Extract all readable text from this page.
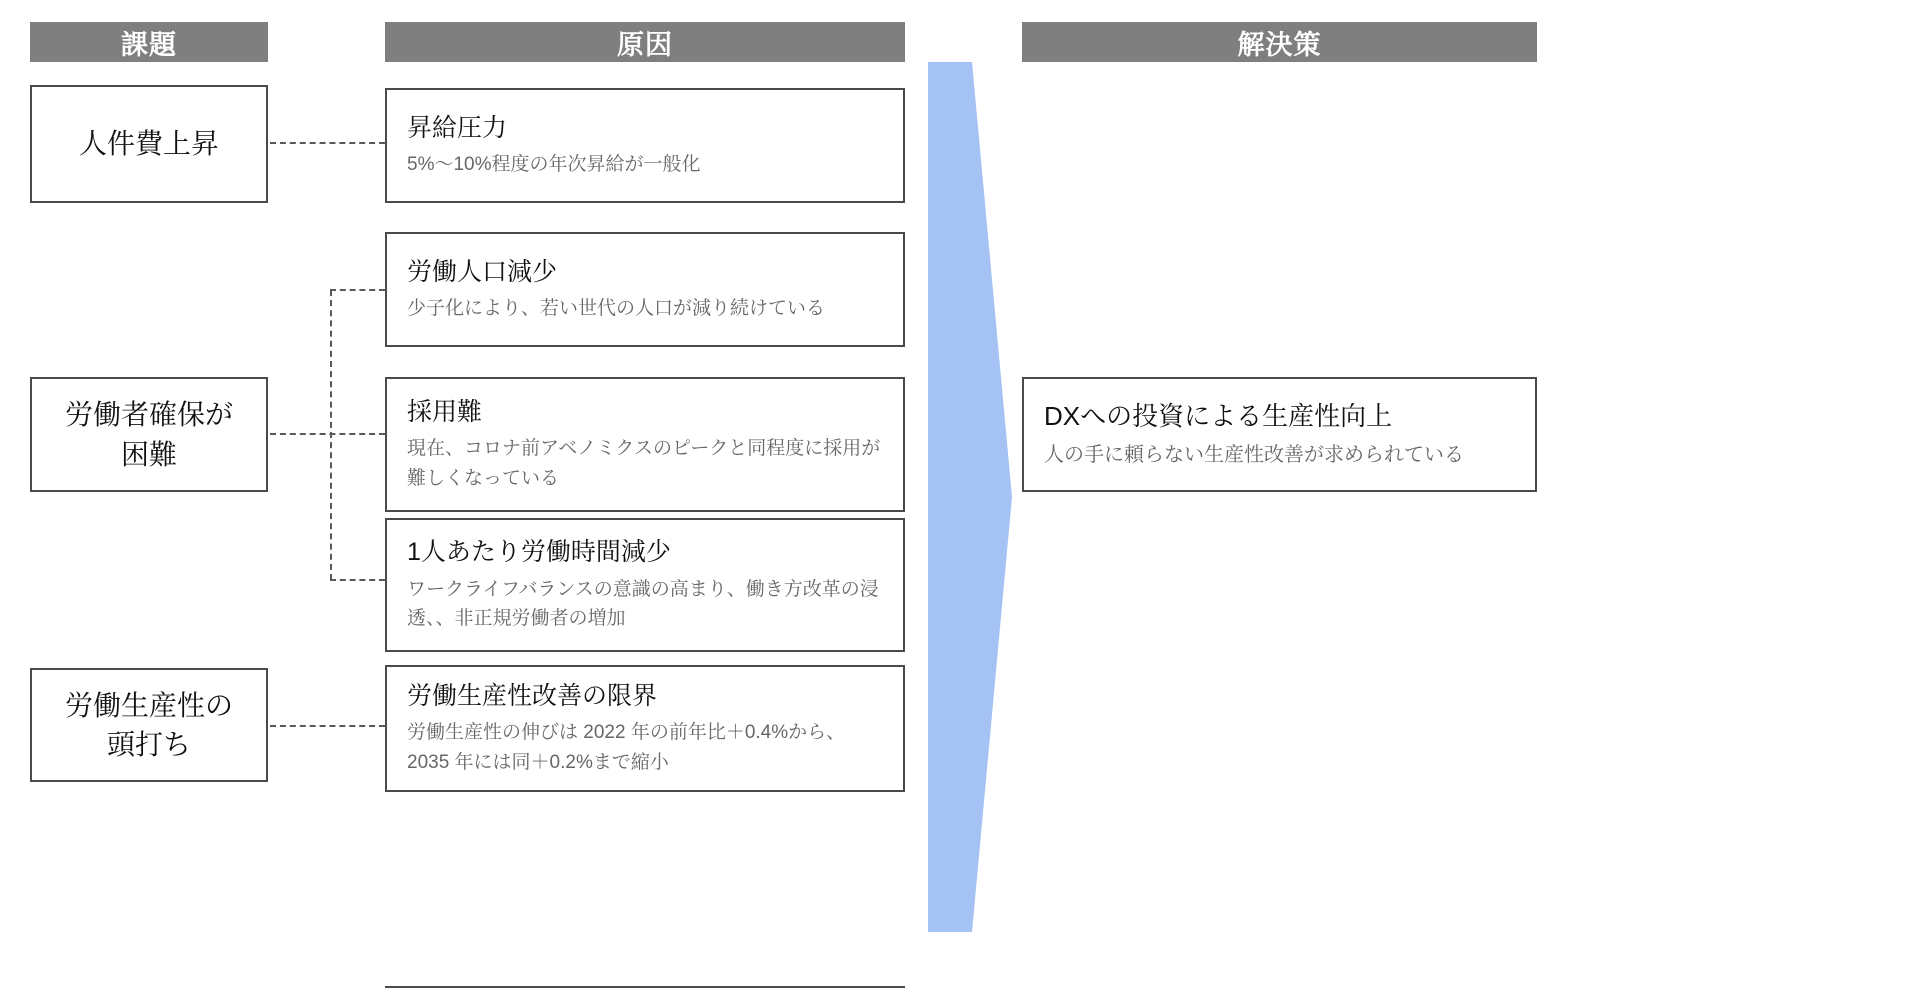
課題	原因	解決策
人件費上昇
労働者確保が
困難
労働生産性の
頭打ち
昇給圧力
5%〜10%程度の年次昇給が一般化
労働人口減少
少子化により、若い世代の人口が減り続けている
採用難
現在、コロナ前アベノミクスのピークと同程度に採用が難しくなっている
1人あたり労働時間減少
ワークライフバランスの意識の高まり、働き方改革の浸透、、非正規労働者の増加
労働生産性改善の限界
労働生産性の伸びは 2022 年の前年比＋0.4%から、2035 年には同＋0.2%まで縮小
DXへの投資による生産性向上
人の手に頼らない生産性改善が求められている
